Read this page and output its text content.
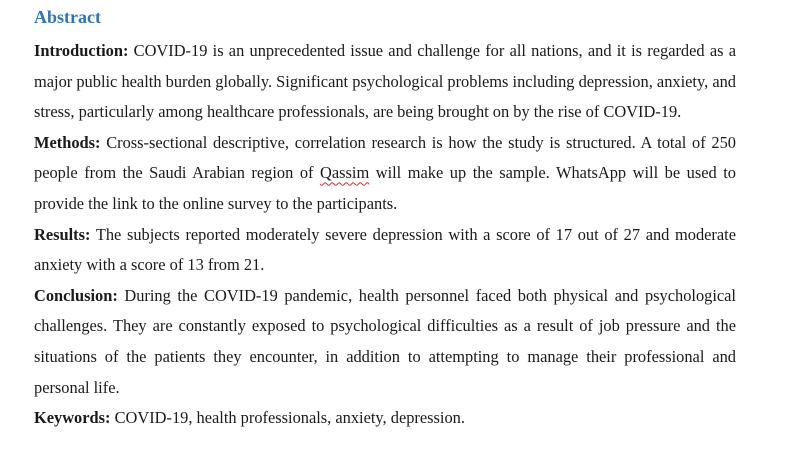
Abstract

Introduction: COVID-19 is an unprecedented issue and challenge for all nations, and it is regarded as a major public health burden globally. Significant psychological problems including depression, anxiety, and stress, particularly among healthcare professionals, are being brought on by the rise of COVID-19.

Methods: Cross-sectional descriptive, correlation research is how the study is structured. A total of 250 people from the Saudi Arabian region of Qassim will make up the sample. WhatsApp will be used to provide the link to the online survey to the participants.

Results: The subjects reported moderately severe depression with a score of 17 out of 27 and moderate anxiety with a score of 13 from 21.

Conclusion: During the COVID-19 pandemic, health personnel faced both physical and psychological challenges. They are constantly exposed to psychological difficulties as a result of job pressure and the situations of the patients they encounter, in addition to attempting to manage their professional and personal life.

Keywords: COVID-19, health professionals, anxiety, depression.
